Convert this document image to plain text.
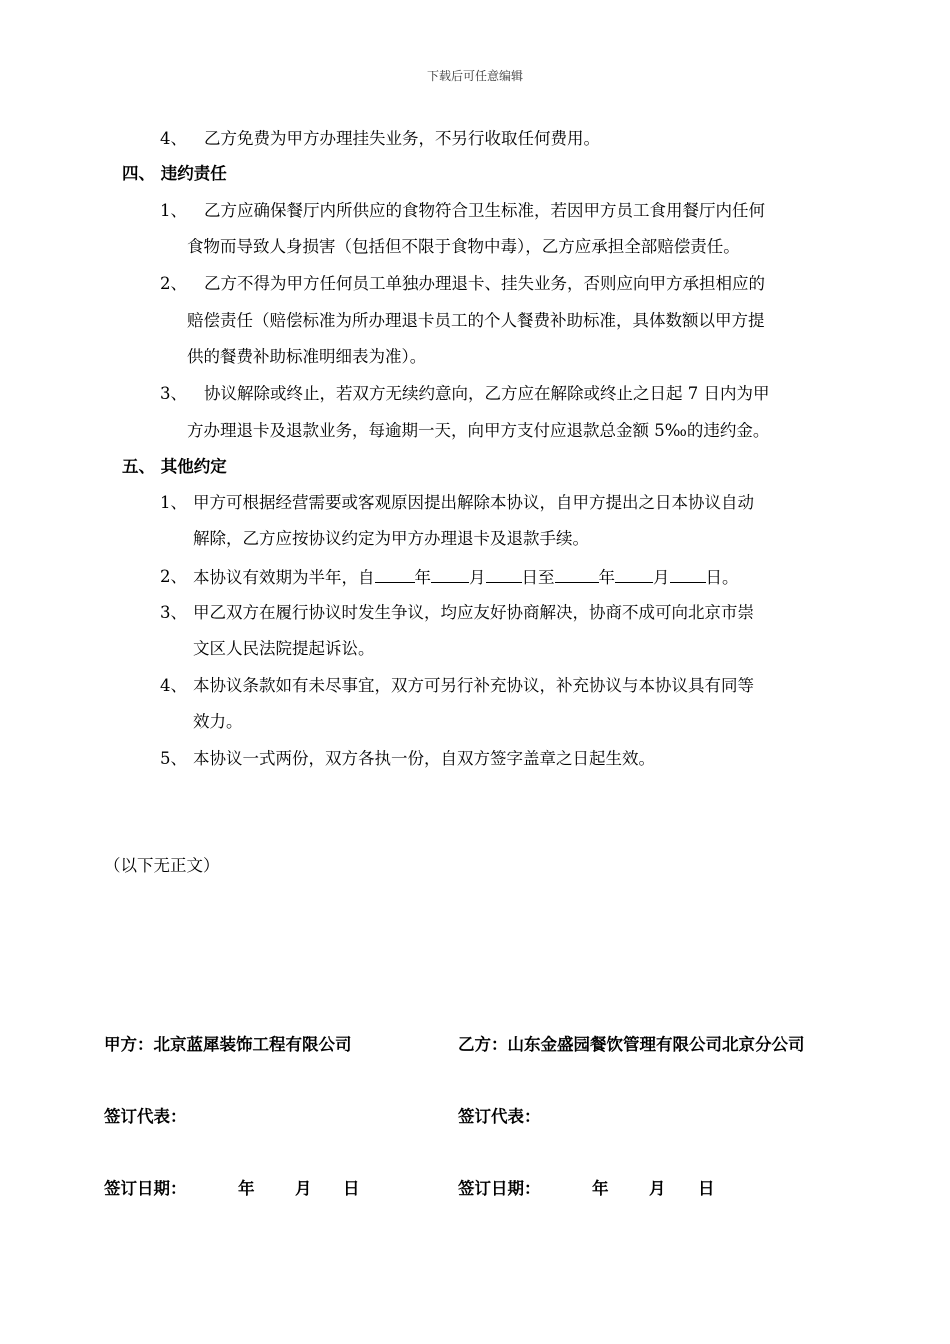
下载后可任意编辑
4、 乙方免费为甲方办理挂失业务，不另行收取任何费用。
四、 违约责任
1、 乙方应确保餐厅内所供应的食物符合卫生标准，若因甲方员工食用餐厅内任何
食物而导致人身损害（包括但不限于食物中毒），乙方应承担全部赔偿责任。
2、 乙方不得为甲方任何员工单独办理退卡、挂失业务，否则应向甲方承担相应的
赔偿责任（赔偿标准为所办理退卡员工的个人餐费补助标准，具体数额以甲方提
供的餐费补助标准明细表为准）。
3、 协议解除或终止，若双方无续约意向，乙方应在解除或终止之日起 7 日内为甲
方办理退卡及退款业务，每逾期一天，向甲方支付应退款总金额 5‰的违约金。
五、 其他约定
1、 甲方可根据经营需要或客观原因提出解除本协议，自甲方提出之日本协议自动
解除，乙方应按协议约定为甲方办理退卡及退款手续。
2、 本协议有效期为半年，自 年 月 日至	年 月 日。
3、 甲乙双方在履行协议时发生争议，均应友好协商解决，协商不成可向北京市崇
文区人民法院提起诉讼。
4、 本协议条款如有未尽事宜，双方可另行补充协议，补充协议与本协议具有同等
效力。
5、 本协议一式两份，双方各执一份，自双方签字盖章之日起生效。
（以下无正文）
甲方：北京蓝犀装饰工程有限公司
签订代表：
签订日期：	年 月 日
乙方：山东金盛园餐饮管理有限公司北京分公司
签订代表：
签订日期：	年 月 日
